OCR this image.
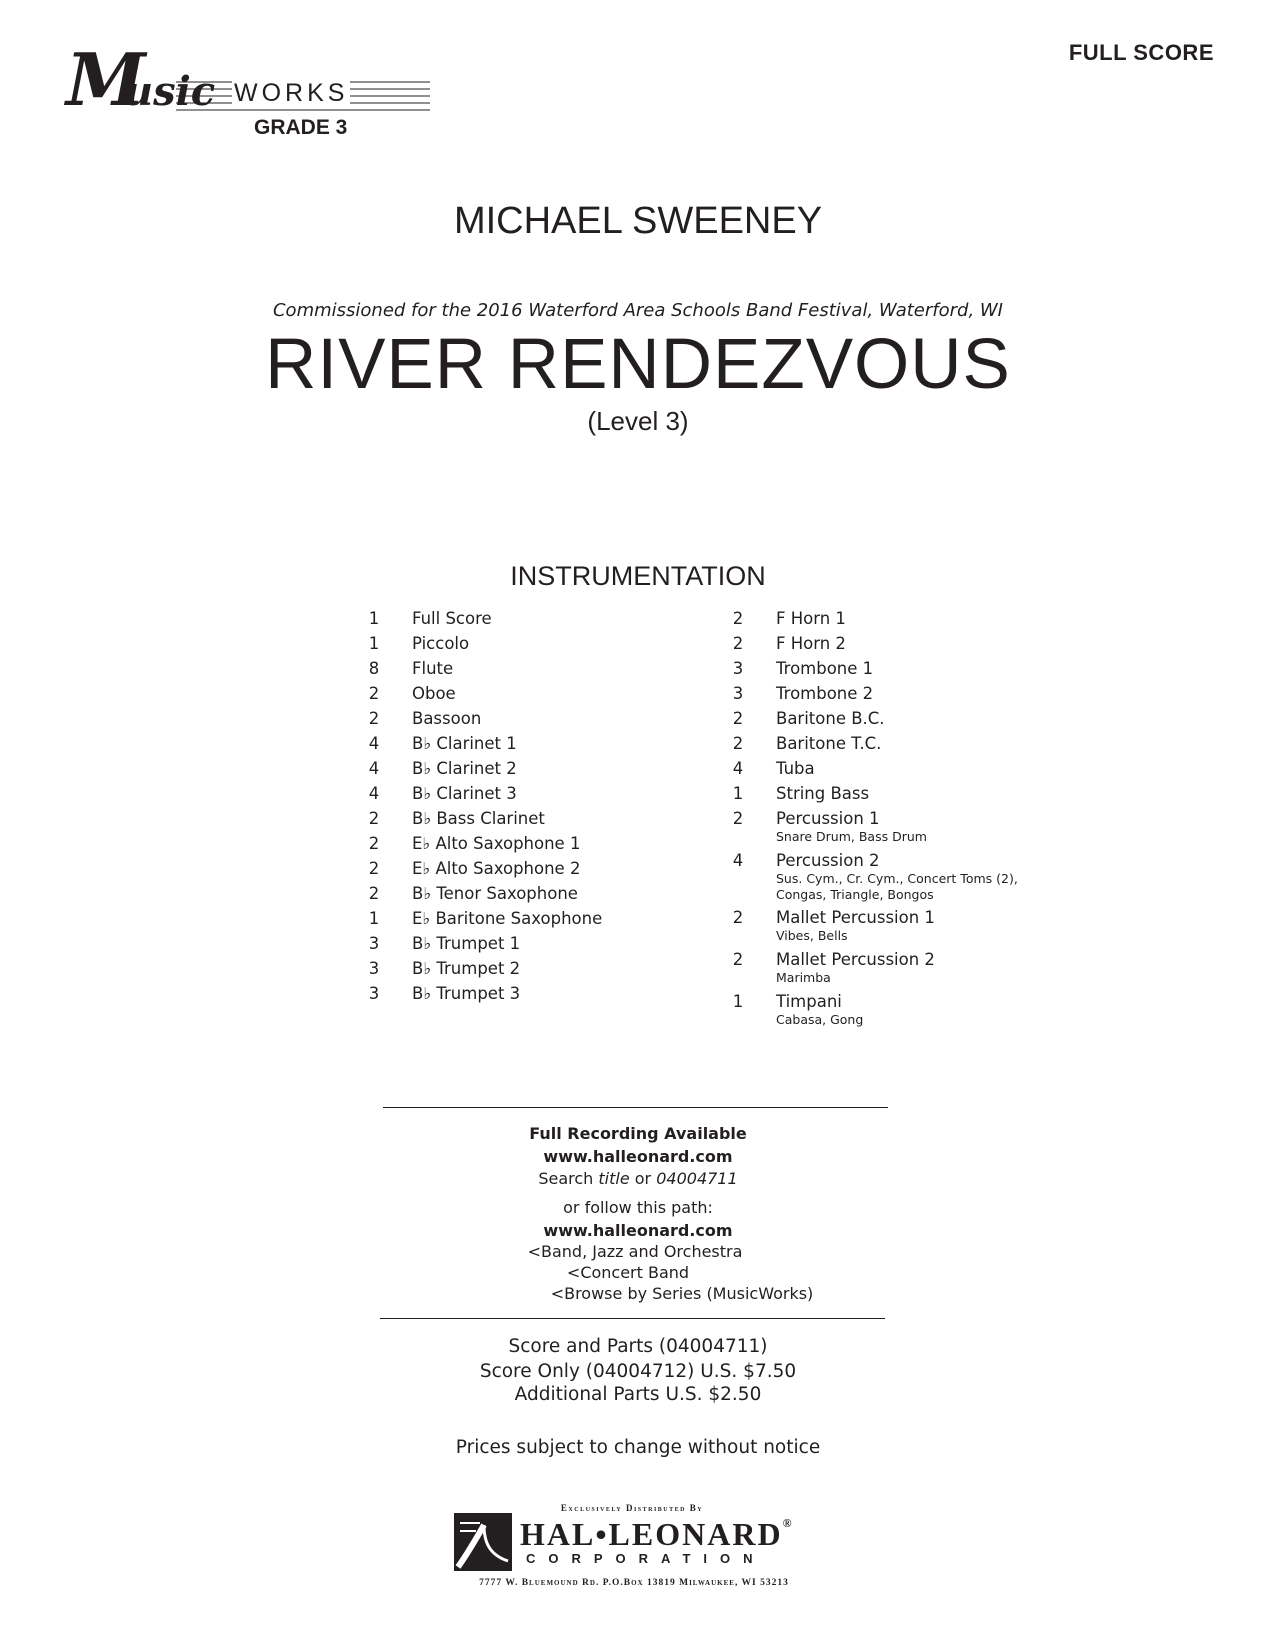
M
usic WORKS
GRADE 3
FULL SCORE
MICHAEL SWEENEY
Commissioned for the 2016 Waterford Area Schools Band Festival, Waterford, WI
RIVER RENDEZVOUS
(Level 3)
INSTRUMENTATION
1 Full Score
1 Piccolo
8 Flute
2 Oboe
2 Bassoon
4 B♭ Clarinet 1
4 B♭ Clarinet 2
4 B♭ Clarinet 3
2 B♭ Bass Clarinet
2 E♭ Alto Saxophone 1
2 E♭ Alto Saxophone 2
2 B♭ Tenor Saxophone
1 E♭ Baritone Saxophone
3 B♭ Trumpet 1
3 B♭ Trumpet 2
3 B♭ Trumpet 3
2 F Horn 1
2 F Horn 2
3 Trombone 1
3 Trombone 2
2 Baritone B.C.
2 Baritone T.C.
4 Tuba
1 String Bass
2 Percussion 1
Snare Drum, Bass Drum
4 Percussion 2
Sus. Cym., Cr. Cym., Concert Toms (2), Congas, Triangle, Bongos
2 Mallet Percussion 1
Vibes, Bells
2 Mallet Percussion 2
Marimba
1 Timpani
Cabasa, Gong
Full Recording Available
www.halleonard.com
Search title or 04004711
or follow this path:
www.halleonard.com
<Band, Jazz and Orchestra
<Concert Band
<Browse by Series (MusicWorks)
Score and Parts (04004711)
Score Only (04004712) U.S. $7.50
Additional Parts U.S. $2.50
Prices subject to change without notice
Exclusively Distributed By
HAL•LEONARD®
CORPORATION
7777 W. Bluemound Rd. P.O.Box 13819 Milwaukee, WI 53213
